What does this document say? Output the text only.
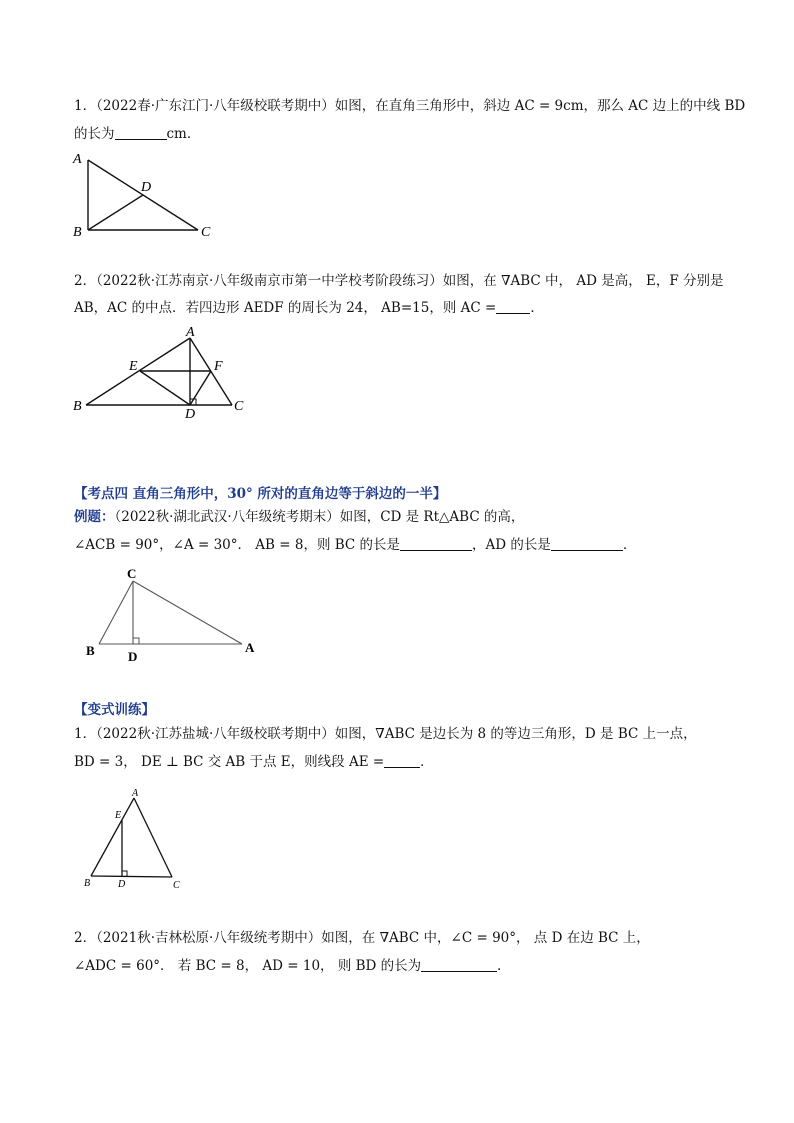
1．（2022春·广东江门·八年级校联考期中）如图，在直角三角形中，斜边 AC = 9cm，那么 AC 边上的中线 BD
的长为	cm．
A
B	C
D
2．（2022秋·江苏南京·八年级南京市第一中学校考阶段练习）如图，在 ∇ABC 中， AD 是高， E，F 分别是
AB，AC 的中点．若四边形 AEDF 的周长为 24， AB=15，则 AC =	．
A
B	C
D
E	F
【考点四 直角三角形中，30° 所对的直角边等于斜边的一半】
例题：（2022秋·湖北武汉·八年级统考期末）如图，CD 是 Rt△ABC 的高，
∠ACB = 90°，∠A = 30°． AB = 8，则 BC 的长是	，AD 的长是	．
C
B	D
A
【变式训练】
1．（2022秋·江苏盐城·八年级校联考期中）如图，∇ABC 是边长为 8 的等边三角形，D 是 BC 上一点，
BD = 3， DE ⊥ BC 交 AB 于点 E，则线段 AE =	．
A
E
B	D	C
2．（2021秋·吉林松原·八年级统考期中）如图，在 ∇ABC 中，∠C = 90°， 点 D 在边 BC 上，
∠ADC = 60°． 若 BC = 8， AD = 10， 则 BD 的长为	．
